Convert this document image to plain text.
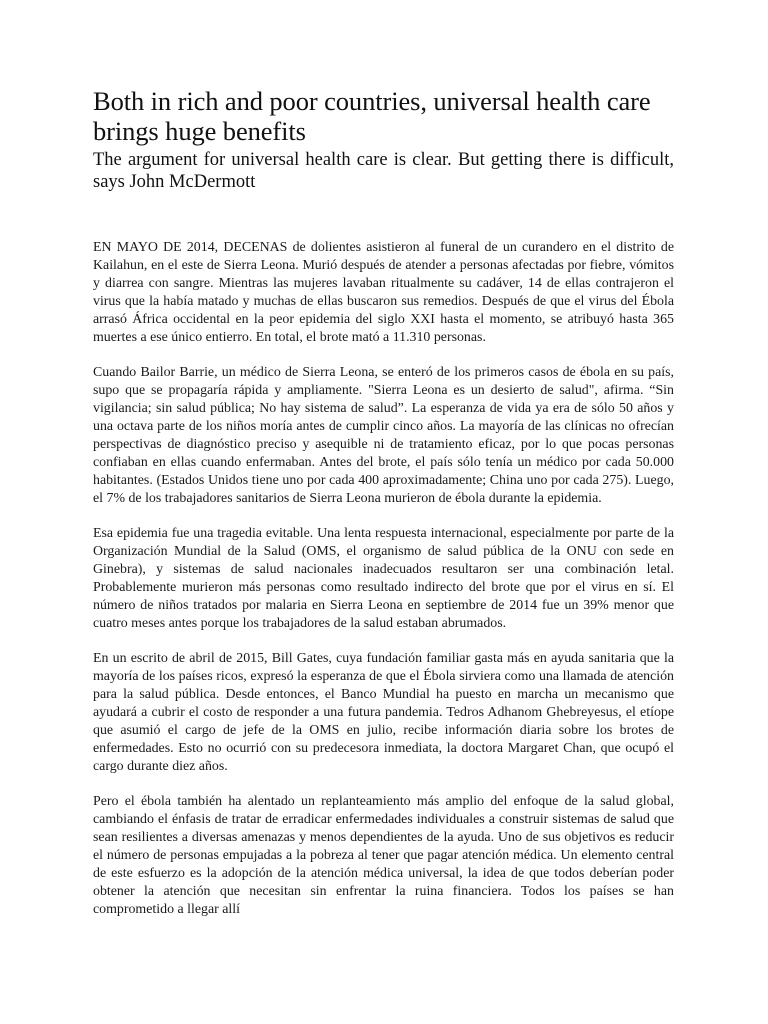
Both in rich and poor countries, universal health care brings huge benefits
The argument for universal health care is clear. But getting there is difficult, says John McDermott

EN MAYO DE 2014, DECENAS de dolientes asistieron al funeral de un curandero en el distrito de Kailahun, en el este de Sierra Leona. Murió después de atender a personas afectadas por fiebre, vómitos y diarrea con sangre. Mientras las mujeres lavaban ritualmente su cadáver, 14 de ellas contrajeron el virus que la había matado y muchas de ellas buscaron sus remedios. Después de que el virus del Ébola arrasó África occidental en la peor epidemia del siglo XXI hasta el momento, se atribuyó hasta 365 muertes a ese único entierro. En total, el brote mató a 11.310 personas.

Cuando Bailor Barrie, un médico de Sierra Leona, se enteró de los primeros casos de ébola en su país, supo que se propagaría rápida y ampliamente. "Sierra Leona es un desierto de salud", afirma. “Sin vigilancia; sin salud pública; No hay sistema de salud”. La esperanza de vida ya era de sólo 50 años y una octava parte de los niños moría antes de cumplir cinco años. La mayoría de las clínicas no ofrecían perspectivas de diagnóstico preciso y asequible ni de tratamiento eficaz, por lo que pocas personas confiaban en ellas cuando enfermaban. Antes del brote, el país sólo tenía un médico por cada 50.000 habitantes. (Estados Unidos tiene uno por cada 400 aproximadamente; China uno por cada 275). Luego, el 7% de los trabajadores sanitarios de Sierra Leona murieron de ébola durante la epidemia.

Esa epidemia fue una tragedia evitable. Una lenta respuesta internacional, especialmente por parte de la Organización Mundial de la Salud (OMS, el organismo de salud pública de la ONU con sede en Ginebra), y sistemas de salud nacionales inadecuados resultaron ser una combinación letal. Probablemente murieron más personas como resultado indirecto del brote que por el virus en sí. El número de niños tratados por malaria en Sierra Leona en septiembre de 2014 fue un 39% menor que cuatro meses antes porque los trabajadores de la salud estaban abrumados.

En un escrito de abril de 2015, Bill Gates, cuya fundación familiar gasta más en ayuda sanitaria que la mayoría de los países ricos, expresó la esperanza de que el Ébola sirviera como una llamada de atención para la salud pública. Desde entonces, el Banco Mundial ha puesto en marcha un mecanismo que ayudará a cubrir el costo de responder a una futura pandemia. Tedros Adhanom Ghebreyesus, el etíope que asumió el cargo de jefe de la OMS en julio, recibe información diaria sobre los brotes de enfermedades. Esto no ocurrió con su predecesora inmediata, la doctora Margaret Chan, que ocupó el cargo durante diez años.

Pero el ébola también ha alentado un replanteamiento más amplio del enfoque de la salud global, cambiando el énfasis de tratar de erradicar enfermedades individuales a construir sistemas de salud que sean resilientes a diversas amenazas y menos dependientes de la ayuda. Uno de sus objetivos es reducir el número de personas empujadas a la pobreza al tener que pagar atención médica. Un elemento central de este esfuerzo es la adopción de la atención médica universal, la idea de que todos deberían poder obtener la atención que necesitan sin enfrentar la ruina financiera. Todos los países se han comprometido a llegar allí
